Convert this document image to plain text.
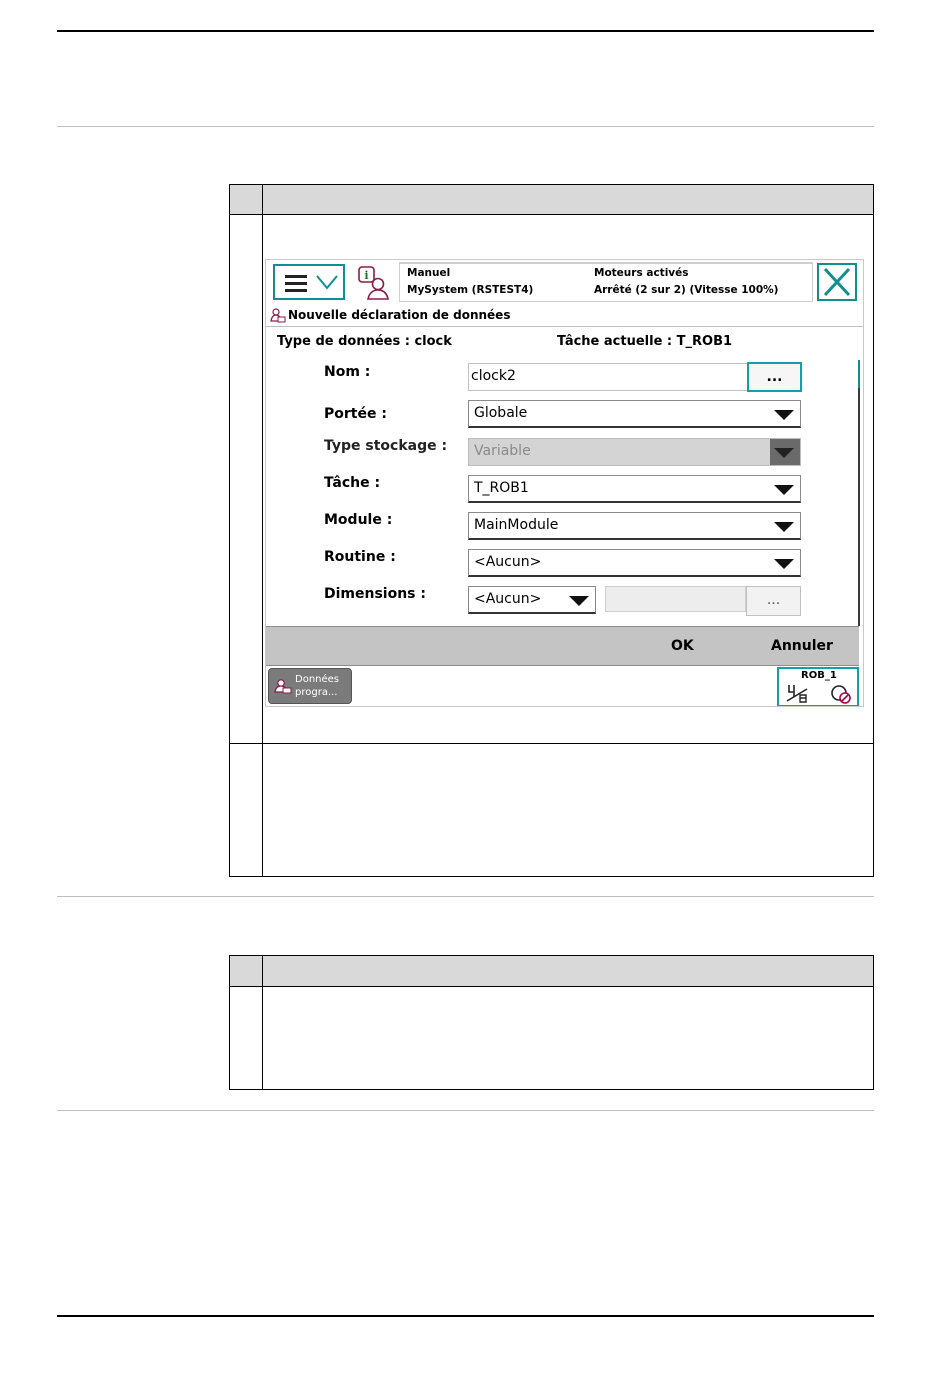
i	Manuel
MySystem (RSTEST4)
Moteurs activés
Arrêté (2 sur 2) (Vitesse 100%)
Nouvelle déclaration de données
Type de données : clock	Tâche actuelle : T_ROB1
Nom :	clock2	...
Portée :	Globale
Type stockage : Variable
Tâche :	T_ROB1
Module :	MainModule
Routine :	<Aucun>
Dimensions :	<Aucun>	...
OK	Annuler
Données
progra...
ROB_1
